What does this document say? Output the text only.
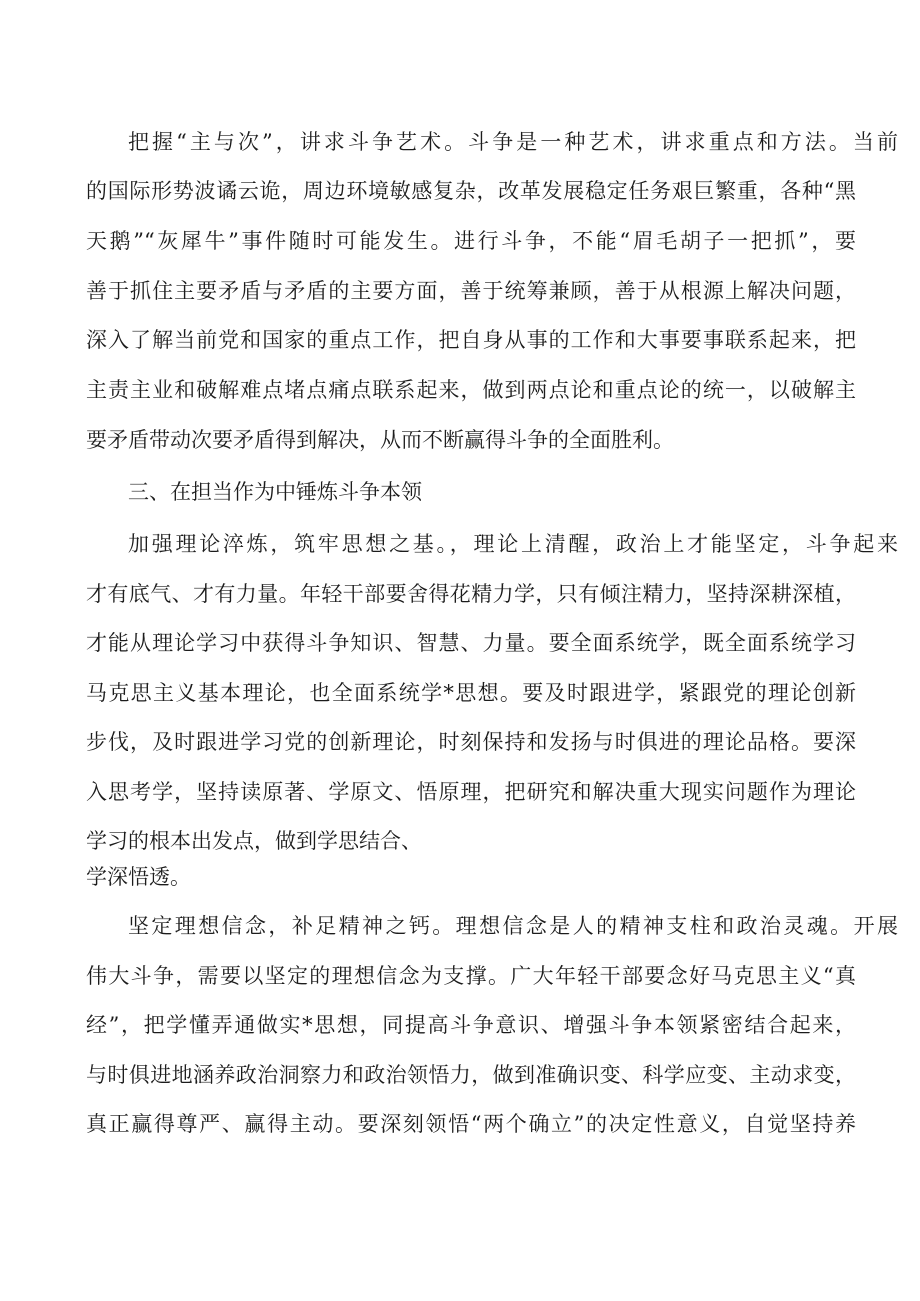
把握“主与次”，讲求斗争艺术。斗争是一种艺术，讲求重点和方法。当前

的国际形势波谲云诡，周边环境敏感复杂，改革发展稳定任务艰巨繁重，各种“黑

天鹅”“灰犀牛”事件随时可能发生。进行斗争，不能“眉毛胡子一把抓”，要

善于抓住主要矛盾与矛盾的主要方面，善于统筹兼顾，善于从根源上解决问题，

深入了解当前党和国家的重点工作，把自身从事的工作和大事要事联系起来，把

主责主业和破解难点堵点痛点联系起来，做到两点论和重点论的统一，以破解主

要矛盾带动次要矛盾得到解决，从而不断赢得斗争的全面胜利。

三、在担当作为中锤炼斗争本领

加强理论淬炼，筑牢思想之基。，理论上清醒，政治上才能坚定，斗争起来

才有底气、才有力量。年轻干部要舍得花精力学，只有倾注精力，坚持深耕深植，

才能从理论学习中获得斗争知识、智慧、力量。要全面系统学，既全面系统学习

马克思主义基本理论，也全面系统学*思想。要及时跟进学，紧跟党的理论创新

步伐，及时跟进学习党的创新理论，时刻保持和发扬与时俱进的理论品格。要深

入思考学，坚持读原著、学原文、悟原理，把研究和解决重大现实问题作为理论

学习的根本出发点，做到学思结合、

学深悟透。

坚定理想信念，补足精神之钙。理想信念是人的精神支柱和政治灵魂。开展

伟大斗争，需要以坚定的理想信念为支撑。广大年轻干部要念好马克思主义“真

经”，把学懂弄通做实*思想，同提高斗争意识、增强斗争本领紧密结合起来，

与时俱进地涵养政治洞察力和政治领悟力，做到准确识变、科学应变、主动求变，

真正赢得尊严、赢得主动。要深刻领悟“两个确立”的决定性意义，自觉坚持养
